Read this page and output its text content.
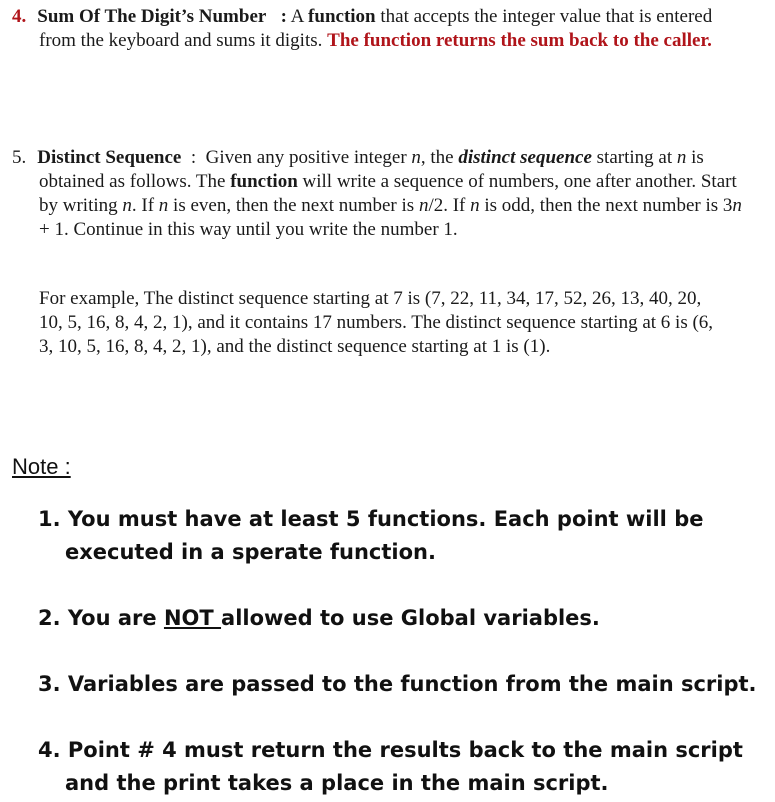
4. Sum Of The Digit’s Number : A function that accepts the integer value that is entered from the keyboard and sums it digits. The function returns the sum back to the caller.
5. Distinct Sequence : Given any positive integer n, the distinct sequence starting at n is obtained as follows. The function will write a sequence of numbers, one after another. Start by writing n. If n is even, then the next number is n/2. If n is odd, then the next number is 3n + 1. Continue in this way until you write the number 1.
For example, The distinct sequence starting at 7 is (7, 22, 11, 34, 17, 52, 26, 13, 40, 20, 10, 5, 16, 8, 4, 2, 1), and it contains 17 numbers. The distinct sequence starting at 6 is (6, 3, 10, 5, 16, 8, 4, 2, 1), and the distinct sequence starting at 1 is (1).
Note :
1. You must have at least 5 functions. Each point will be executed in a sperate function.
2. You are NOT allowed to use Global variables.
3. Variables are passed to the function from the main script.
4. Point # 4 must return the results back to the main script and the print takes a place in the main script.
